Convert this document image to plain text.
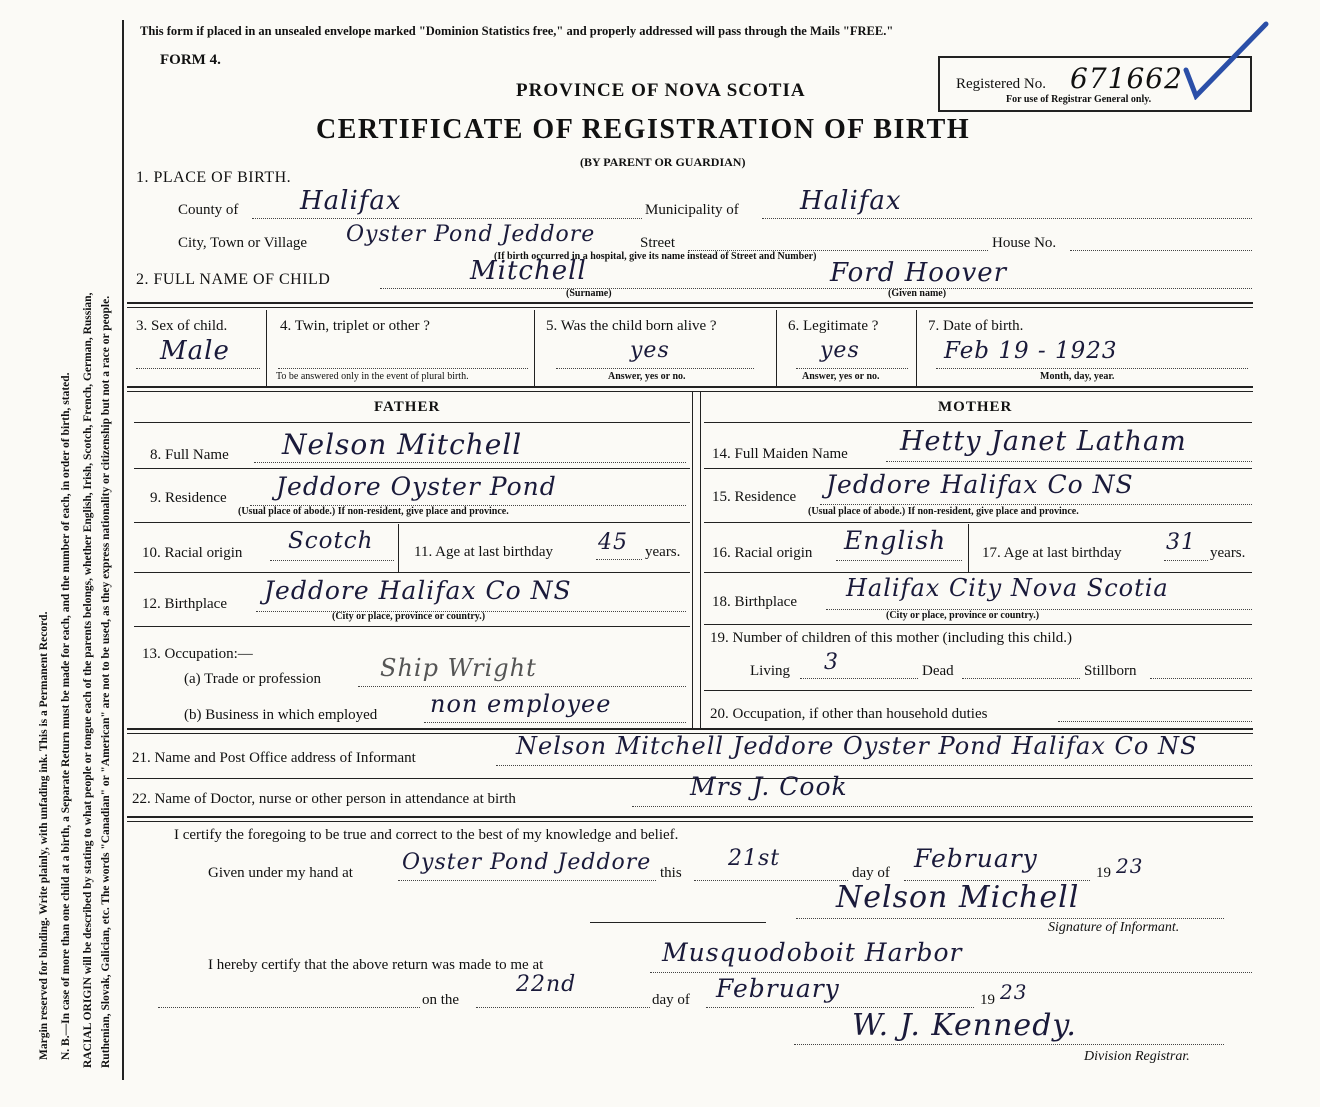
Margin reserved for binding. Write plainly, with unfading ink. This is a Permanent Record. N. B.—In case of more than one child at a birth, a Separate Return must be made for each, and the number of each, in order of birth, stated. RACIAL ORIGIN will be described by stating to what people or tongue each of the parents belongs, whether English, Irish, Scotch, French, German, Russian, Ruthenian, Slovak, Galician, etc. The words "Canadian" or "American" are not to be used, as they express nationality or citizenship but not a race or people.
This form if placed in an unsealed envelope marked "Dominion Statistics free," and properly addressed will pass through the Mails "FREE."
FORM 4.
PROVINCE OF NOVA SCOTIA
CERTIFICATE OF REGISTRATION OF BIRTH
(BY PARENT OR GUARDIAN)
Registered No. 671662
For use of Registrar General only.
1. PLACE OF BIRTH.
County of Halifax	Municipality of Halifax
City, Town or Village Oyster Pond Jeddore	Street	House No.
(If birth occurred in a hospital, give its name instead of Street and Number)
2. FULL NAME OF CHILD	Mitchell
(Surname)
Ford Hoover
(Given name)
3. Sex of child.
Male
4. Twin, triplet or other ?
To be answered only in the event of plural birth.
5. Was the child born alive ?
yes
Answer, yes or no.
6. Legitimate ?
yes
Answer, yes or no.
7. Date of birth.
Feb 19 - 1923
Month, day, year.
FATHER	MOTHER
8. Full Name Nelson Mitchell
9. Residence Jeddore Oyster Pond
(Usual place of abode.) If non-resident, give place and province.
10. Racial origin Scotch	11. Age at last birthday 45 years.
12. Birthplace Jeddore Halifax Co NS
(City or place, province or country.)
13. Occupation:—
(a) Trade or profession Ship Wright
(b) Business in which employed non employee
14. Full Maiden Name Hetty Janet Latham
15. Residence Jeddore Halifax Co NS
(Usual place of abode.) If non-resident, give place and province.
16. Racial origin English 17. Age at last birthday 31 years.
18. Birthplace Halifax City Nova Scotia
(City or place, province or country.)
19. Number of children of this mother (including this child.)
Living 3	Dead	Stillborn
20. Occupation, if other than household duties
21. Name and Post Office address of Informant	Nelson Mitchell Jeddore Oyster Pond Halifax Co NS
22. Name of Doctor, nurse or other person in attendance at birth	Mrs J. Cook
I certify the foregoing to be true and correct to the best of my knowledge and belief.
Given under my hand at Oyster Pond Jeddore this
21st
day of February	19 23
Nelson Michell
Signature of Informant.
I hereby certify that the above return was made to me at	Musquodoboit Harbor
on the
22nd
day of February	19 23
W. J. Kennedy.
Division Registrar.
